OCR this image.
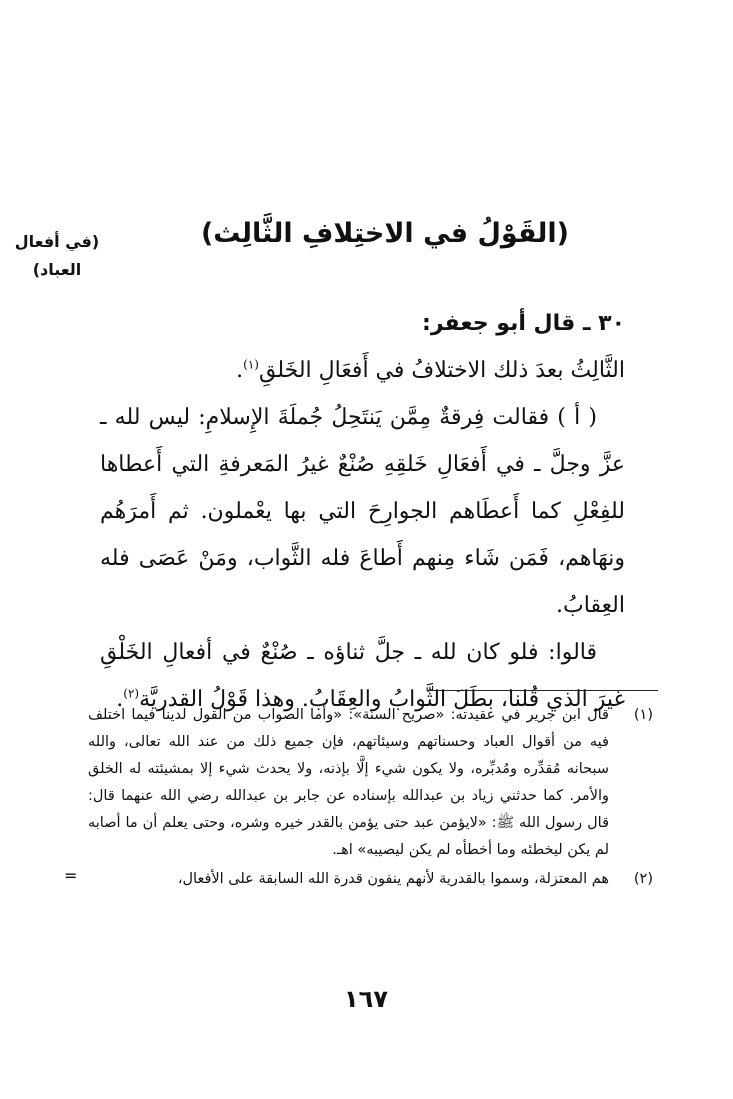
(القَوْلُ في الاختِلافِ الثَّالِث)
(في أفعال
العباد)

٣٠ ـ قال أبو جعفر:

الثَّالِثُ بعدَ ذلك الاختلافُ في أَفعَالِ الخَلقِ$^{(١)}$.

( أ ) فقالت فِرقةٌ مِمَّن يَنتَحِلُ جُملَةَ الإِسلامِ: ليس لله ـ عزَّ وجلَّ ـ في أَفعَالِ خَلقِهِ صُنْعٌ غيرُ المَعرفةِ التي أَعطاها للفِعْلِ كما أَعطَاهم الجوارِحَ التي بها يعْملون. ثم أَمرَهُم ونهَاهم، فَمَن شَاء مِنهم أَطاعَ فله الثَّواب، ومَنْ عَصَى فله العِقابُ.

قالوا: فلو كان لله ـ جلَّ ثناؤه ـ صُنْعٌ في أفعالِ الخَلْقِ غيرَ الذي قُلنا، بطَلَ الثَّوابُ والعِقَابُ. وهذا قَوْلُ القدريَّة$^{(٢)}$.

(١)
قال ابن جرير في عقيدته: «صريح السنة»: «وأما الصواب من القول لدينا فيما اختلف فيه من أقوال العباد وحسناتهم وسيئاتهم، فإن جميع ذلك من عند الله تعالى، والله سبحانه مُقدِّره ومُدبِّره، ولا يكون شيء إلَّا بإذنه، ولا يحدث شيء إلا بمشيئته له الخلق والأمر. كما حدثني زياد بن عبدالله بإسناده عن جابر بن عبدالله رضي الله عنهما قال: قال رسول الله ﷺ: «لايؤمن عبد حتى يؤمن بالقدر خيره وشره، وحتى يعلم أن ما أصابه لم يكن ليخطئه وما أخطأه لم يكن ليصيبه» اهـ.
(٢)
هم المعتزلة، وسموا بالقدرية لأنهم ينفون قدرة الله السابقة على الأفعال،
=
١٦٧
